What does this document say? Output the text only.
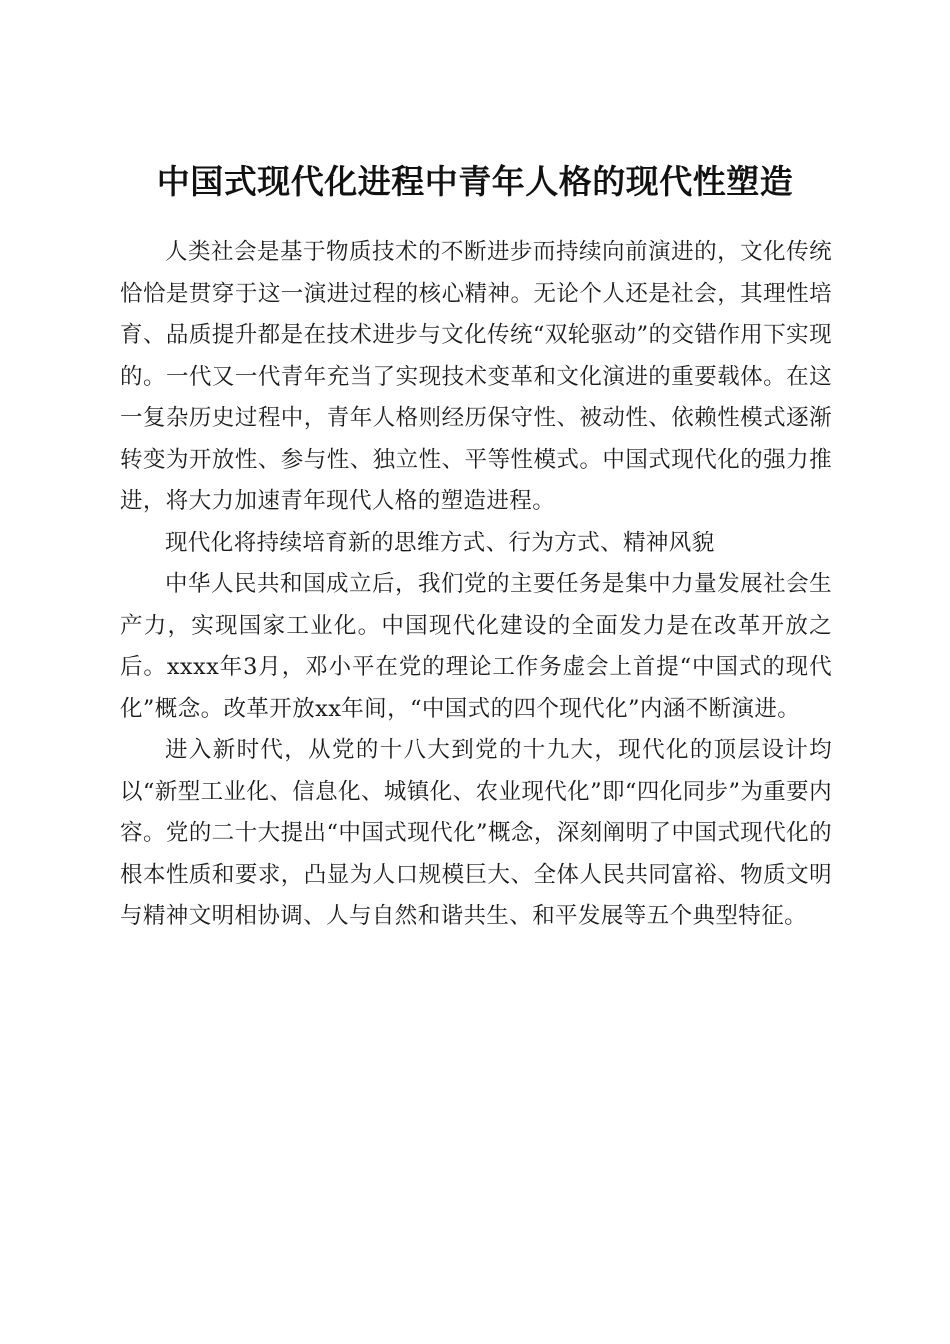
中国式现代化进程中青年人格的现代性塑造

人类社会是基于物质技术的不断进步而持续向前演进的，文化传统恰恰是贯穿于这一演进过程的核心精神。无论个人还是社会，其理性培育、品质提升都是在技术进步与文化传统“双轮驱动”的交错作用下实现的。一代又一代青年充当了实现技术变革和文化演进的重要载体。在这一复杂历史过程中，青年人格则经历保守性、被动性、依赖性模式逐渐转变为开放性、参与性、独立性、平等性模式。中国式现代化的强力推进，将大力加速青年现代人格的塑造进程。

现代化将持续培育新的思维方式、行为方式、精神风貌

中华人民共和国成立后，我们党的主要任务是集中力量发展社会生产力，实现国家工业化。中国现代化建设的全面发力是在改革开放之后。xxxx年3月，邓小平在党的理论工作务虚会上首提“中国式的现代化”概念。改革开放xx年间，“中国式的四个现代化”内涵不断演进。

进入新时代，从党的十八大到党的十九大，现代化的顶层设计均以“新型工业化、信息化、城镇化、农业现代化”即“四化同步”为重要内容。党的二十大提出“中国式现代化”概念，深刻阐明了中国式现代化的根本性质和要求，凸显为人口规模巨大、全体人民共同富裕、物质文明与精神文明相协调、人与自然和谐共生、和平发展等五个典型特征。
